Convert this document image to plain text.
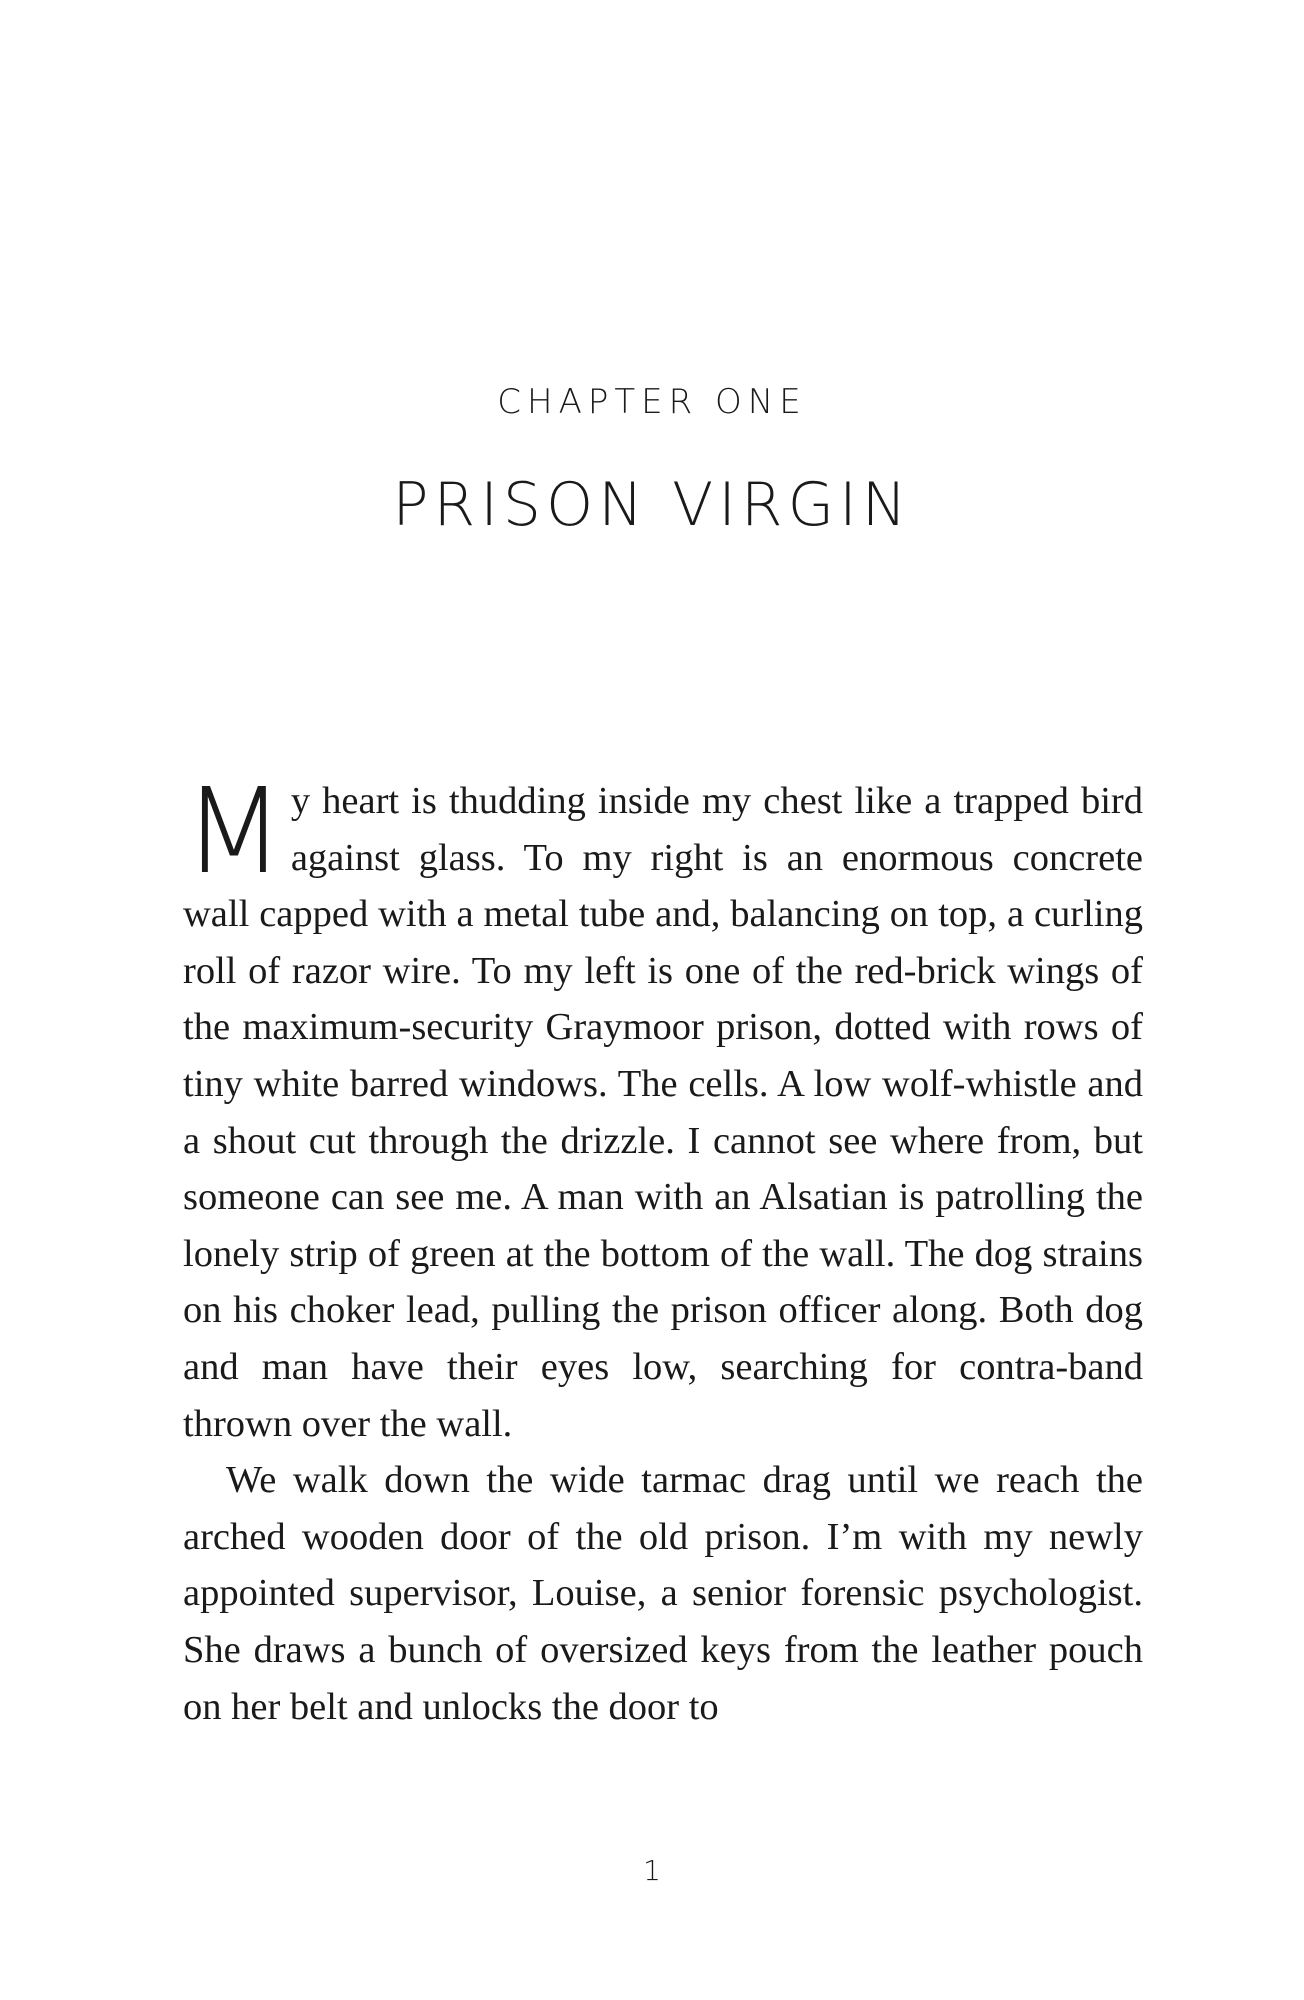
CHAPTER ONE
PRISON VIRGIN

My heart is thudding inside my chest like a trapped bird against glass. To my right is an enormous concrete wall capped with a metal tube and, balancing on top, a curling roll of razor wire. To my left is one of the red-brick wings of the maximum-security Graymoor prison, dotted with rows of tiny white barred windows. The cells. A low wolf-whistle and a shout cut through the drizzle. I cannot see where from, but someone can see me. A man with an Alsatian is patrolling the lonely strip of green at the bottom of the wall. The dog strains on his choker lead, pulling the prison officer along. Both dog and man have their eyes low, searching for contra-band thrown over the wall.

We walk down the wide tarmac drag until we reach the arched wooden door of the old prison. I’m with my newly appointed supervisor, Louise, a senior forensic psychologist. She draws a bunch of oversized keys from the leather pouch on her belt and unlocks the door to

1
